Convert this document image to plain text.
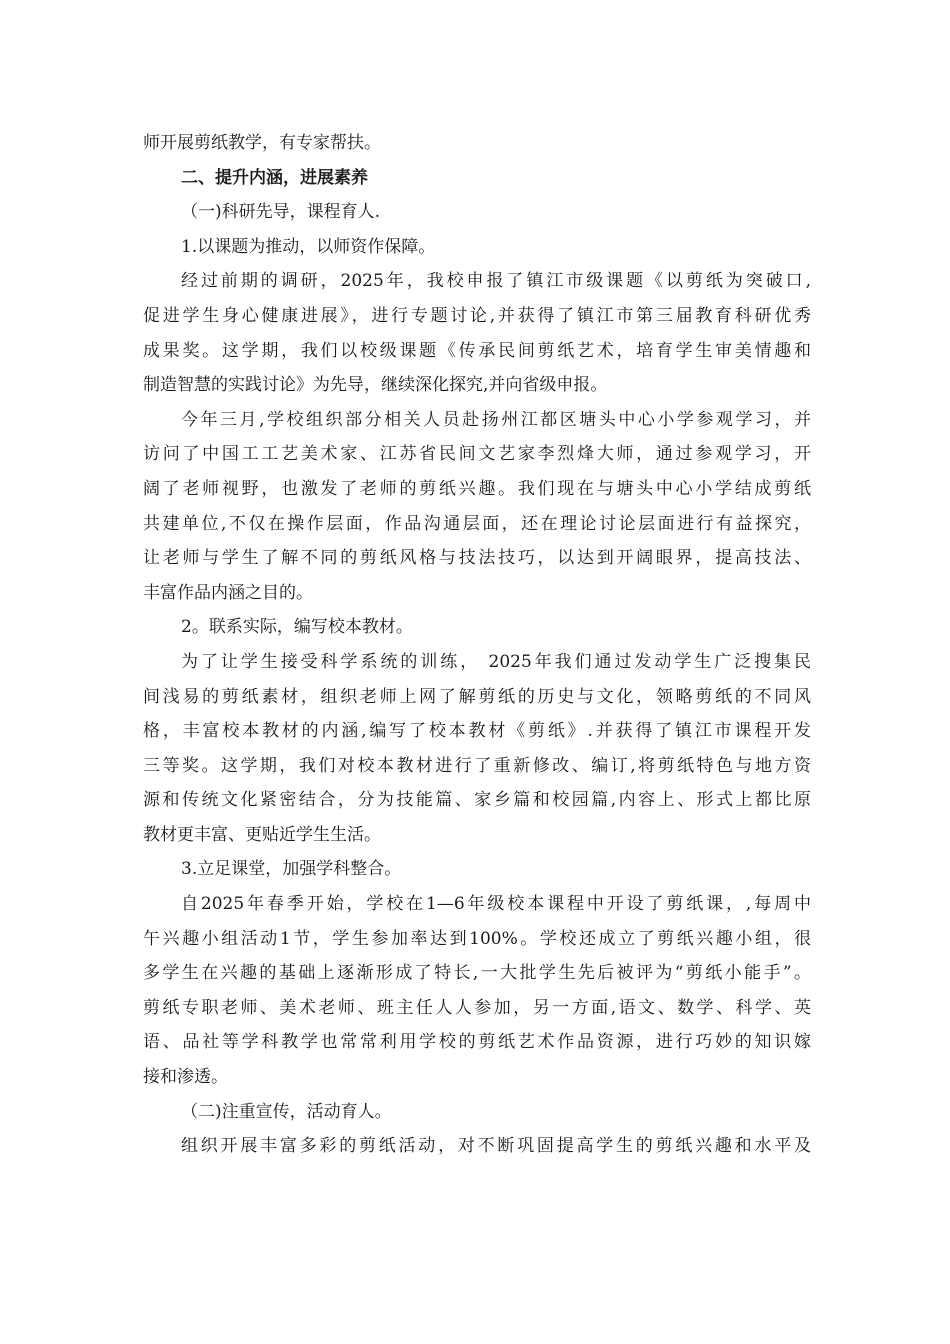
师开展剪纸教学，有专家帮扶。
二、提升内涵，进展素养
（一)科研先导，课程育人.
1.以课题为推动，以师资作保障。
经过前期的调研，2025年，我校申报了镇江市级课题《以剪纸为突破口,
促进学生身心健康进展》，进行专题讨论,并获得了镇江市第三届教育科研优秀
成果奖。这学期，我们以校级课题《传承民间剪纸艺术，培育学生审美情趣和
制造智慧的实践讨论》为先导，继续深化探究,并向省级申报。
今年三月,学校组织部分相关人员赴扬州江都区塘头中心小学参观学习，并
访问了中国工工艺美术家、江苏省民间文艺家李烈烽大师，通过参观学习，开
阔了老师视野，也激发了老师的剪纸兴趣。我们现在与塘头中心小学结成剪纸
共建单位,不仅在操作层面，作品沟通层面，还在理论讨论层面进行有益探究，
让老师与学生了解不同的剪纸风格与技法技巧，以达到开阔眼界，提高技法、
丰富作品内涵之目的。
2。联系实际，编写校本教材。
为了让学生接受科学系统的训练， 2025年我们通过发动学生广泛搜集民
间浅易的剪纸素材，组织老师上网了解剪纸的历史与文化，领略剪纸的不同风
格，丰富校本教材的内涵,编写了校本教材《剪纸》.并获得了镇江市课程开发
三等奖。这学期，我们对校本教材进行了重新修改、编订,将剪纸特色与地方资
源和传统文化紧密结合，分为技能篇、家乡篇和校园篇,内容上、形式上都比原
教材更丰富、更贴近学生生活。
3.立足课堂，加强学科整合。
自2025年春季开始，学校在1—6年级校本课程中开设了剪纸课，,每周中
午兴趣小组活动1节，学生参加率达到100%。学校还成立了剪纸兴趣小组，很
多学生在兴趣的基础上逐渐形成了特长,一大批学生先后被评为“剪纸小能手”。
剪纸专职老师、美术老师、班主任人人参加，另一方面,语文、数学、科学、英
语、品社等学科教学也常常利用学校的剪纸艺术作品资源，进行巧妙的知识嫁
接和渗透。
（二)注重宣传，活动育人。
组织开展丰富多彩的剪纸活动，对不断巩固提高学生的剪纸兴趣和水平及
